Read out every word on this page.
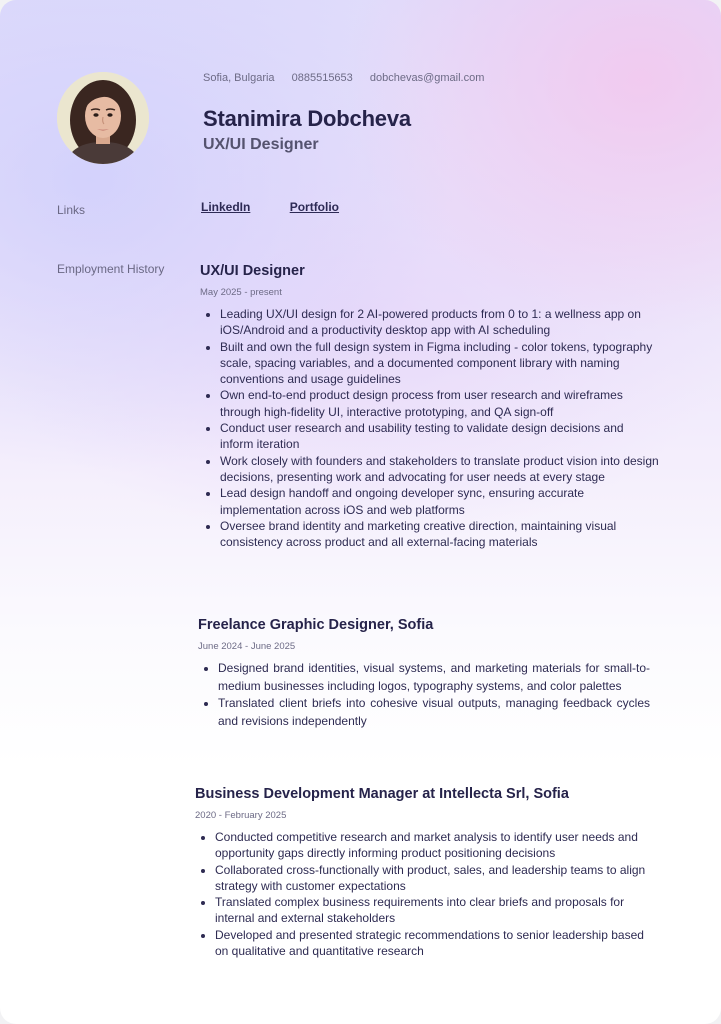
Sofia, Bulgaria 0885515653 dobchevas@gmail.com
Stanimira Dobcheva
UX/UI Designer
Links	LinkedIn	Portfolio
Employment History UX/UI Designer
May 2025 - present
• Leading UX/UI design for 2 AI-powered products from 0 to 1: a wellness app on iOS/Android and a productivity desktop app with AI scheduling
• Built and own the full design system in Figma including - color tokens, typography scale, spacing variables, and a documented component library with naming conventions and usage guidelines
• Own end-to-end product design process from user research and wireframes through high-fidelity UI, interactive prototyping, and QA sign-off
• Conduct user research and usability testing to validate design decisions and inform iteration
• Work closely with founders and stakeholders to translate product vision into design decisions, presenting work and advocating for user needs at every stage
• Lead design handoff and ongoing developer sync, ensuring accurate implementation across iOS and web platforms
• Oversee brand identity and marketing creative direction, maintaining visual consistency across product and all external-facing materials
Freelance Graphic Designer, Sofia
June 2024 - June 2025
• Designed brand identities, visual systems, and marketing materials for small-to-medium businesses including logos, typography systems, and color palettes
• Translated client briefs into cohesive visual outputs, managing feedback cycles and revisions independently
Business Development Manager at Intellecta Srl, Sofia
2020 - February 2025
• Conducted competitive research and market analysis to identify user needs and opportunity gaps directly informing product positioning decisions
• Collaborated cross-functionally with product, sales, and leadership teams to align strategy with customer expectations
• Translated complex business requirements into clear briefs and proposals for internal and external stakeholders
• Developed and presented strategic recommendations to senior leadership based on qualitative and quantitative research
